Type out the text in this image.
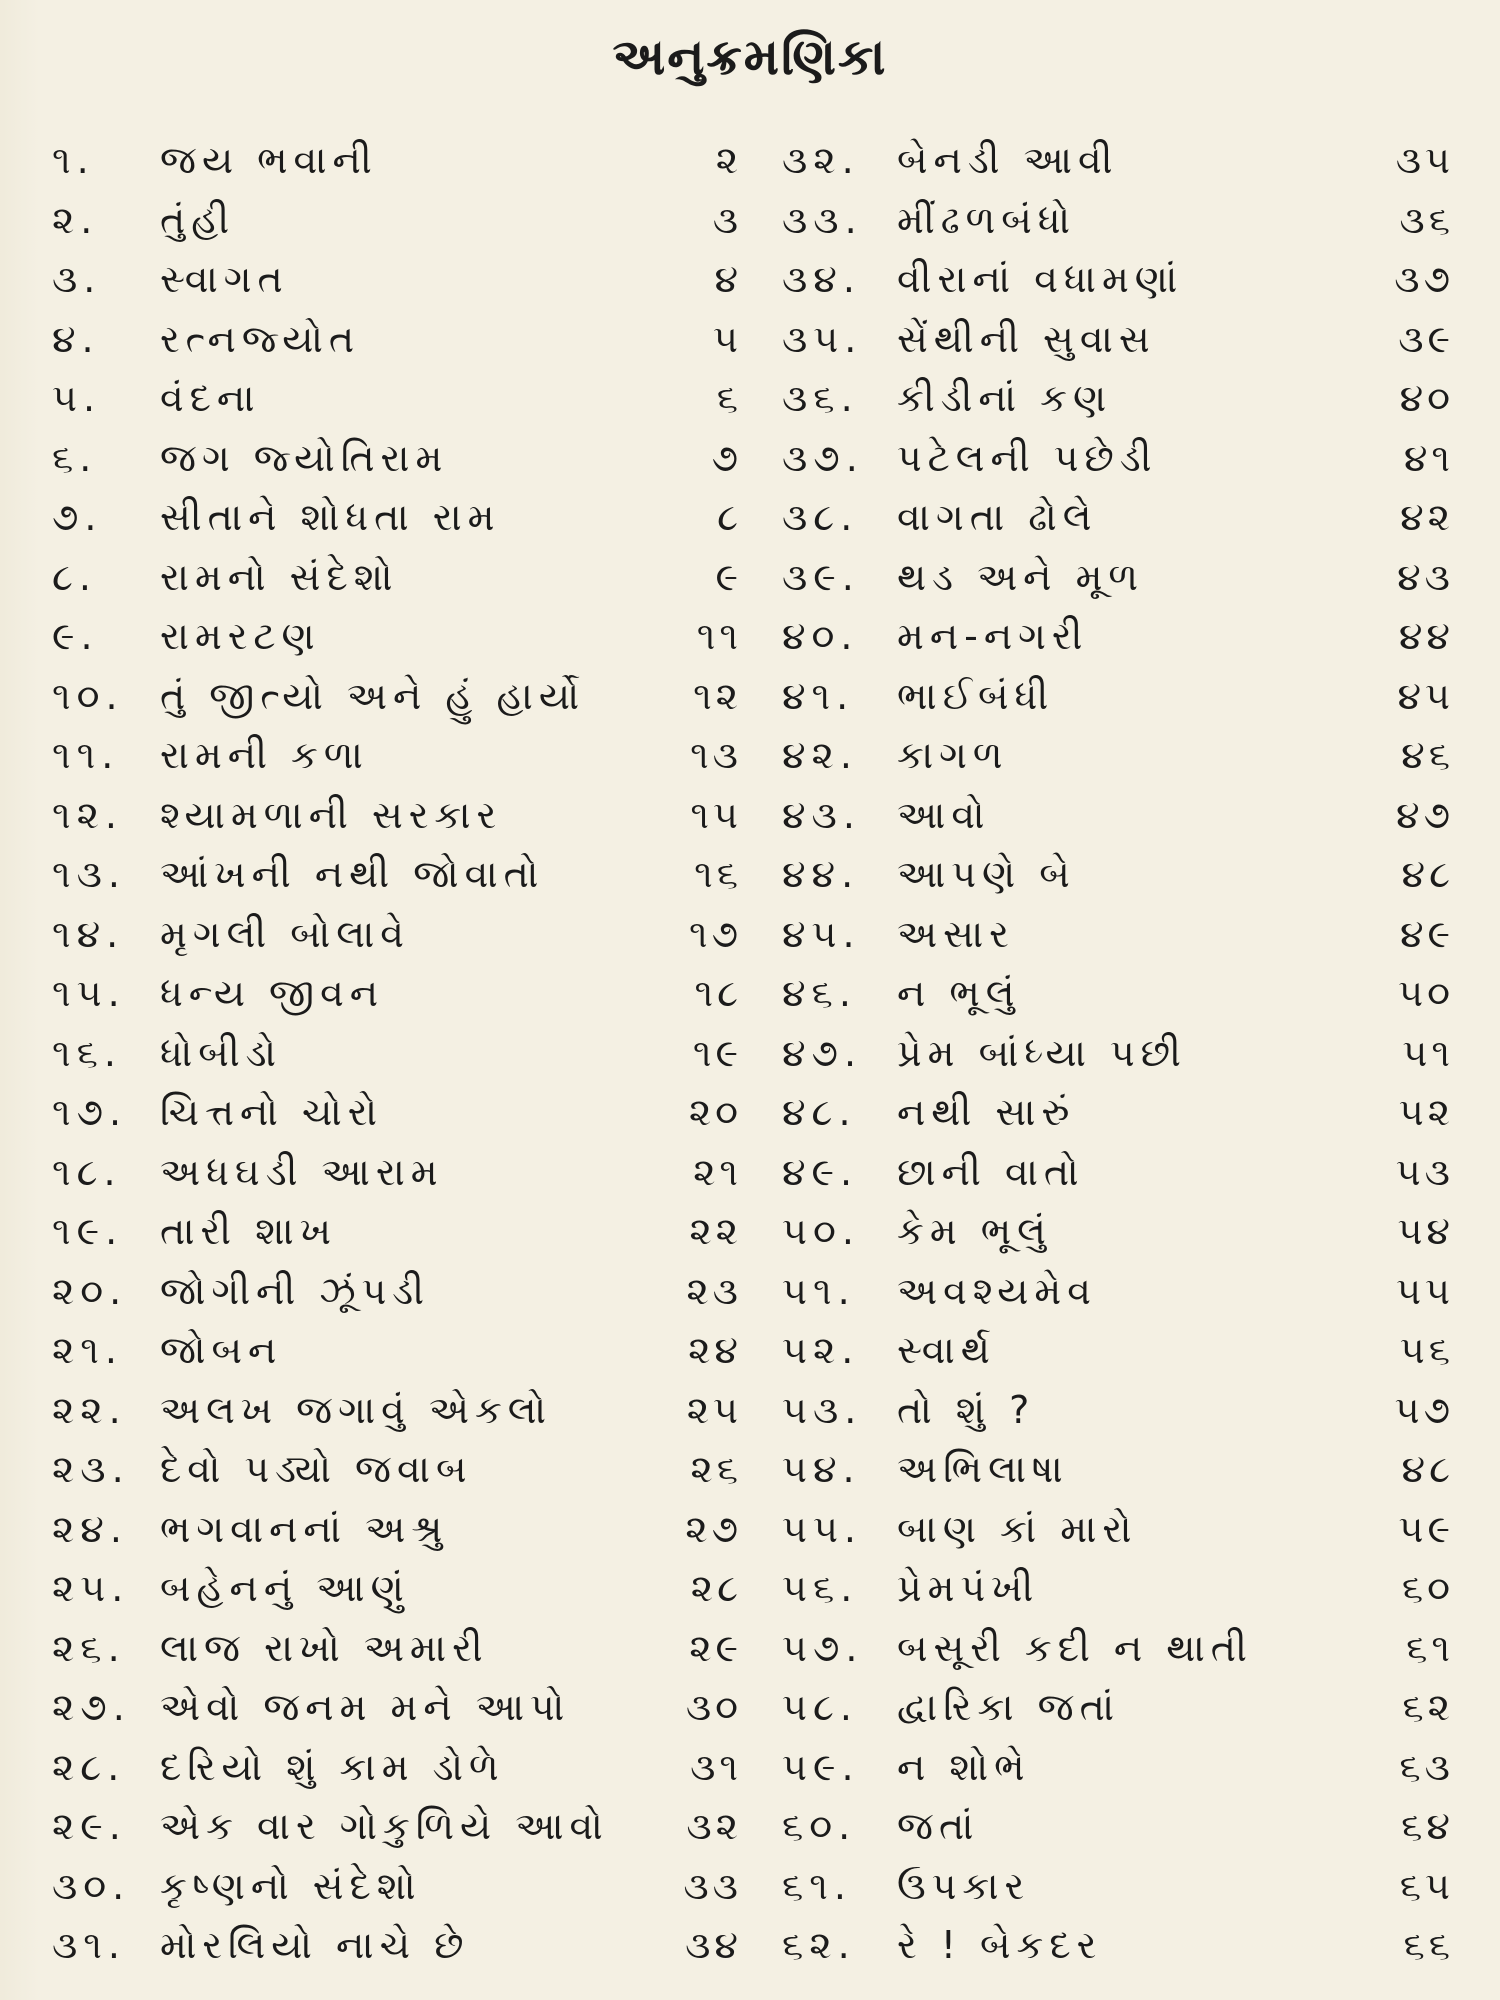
અનુક્રમણિકા
૧. જય ભવાની	૨
૨. તુંહી	૩
૩. સ્વાગત	૪
૪. રત્નજ્યોત	૫
૫. વંદના	૬
૬. જગ જ્યોતિરામ	૭
૭. સીતાને શોધતા રામ	૮
૮. રામનો સંદેશો	૯
૯. રામરટણ	૧૧
૧૦. તું જીત્યો અને હું હાર્યો	૧૨
૧૧. રામની કળા	૧૩
૧૨. શ્યામળાની સરકાર	૧૫
૧૩. આંખની નથી જોવાતો	૧૬
૧૪. મૃગલી બોલાવે	૧૭
૧૫. ધન્ય જીવન	૧૮
૧૬. ધોબીડો	૧૯
૧૭. ચિત્તનો ચોરો	૨૦
૧૮. અધઘડી આરામ	૨૧
૧૯. તારી શાખ	૨૨
૨૦. જોગીની ઝૂંપડી	૨૩
૨૧. જોબન	૨૪
૨૨. અલખ જગાવું એકલો	૨૫
૨૩. દેવો પડ્યો જવાબ	૨૬
૨૪. ભગવાનનાં અશ્રુ	૨૭
૨૫. બહેનનું આણું	૨૮
૨૬. લાજ રાખો અમારી	૨૯
૨૭. એવો જનમ મને આપો	૩૦
૨૮. દરિયો શું કામ ડોળે	૩૧
૨૯. એક વાર ગોકુળિયે આવો ૩૨
૩૦. કૃષ્ણનો સંદેશો	૩૩
૩૧. મોરલિયો નાચે છે	૩૪
૩૨. બેનડી આવી	૩૫
૩૩. મીંઢળબંધો	૩૬
૩૪. વીરાનાં વધામણાં	૩૭
૩૫. સેંથીની સુવાસ	૩૯
૩૬. કીડીનાં કણ	૪૦
૩૭. પટેલની પછેડી	૪૧
૩૮. વાગતા ઢોલે	૪૨
૩૯. થડ અને મૂળ	૪૩
૪૦. મન-નગરી	૪૪
૪૧. ભાઈબંધી	૪૫
૪૨. કાગળ	૪૬
૪૩. આવો	૪૭
૪૪. આપણે બે	૪૮
૪૫. અસાર	૪૯
૪૬. ન ભૂલું	૫૦
૪૭. પ્રેમ બાંધ્યા પછી	૫૧
૪૮. નથી સારું	૫૨
૪૯. છાની વાતો	૫૩
૫૦. કેમ ભૂલું	૫૪
૫૧. અવશ્યમેવ	૫૫
૫૨. સ્વાર્થ	૫૬
૫૩. તો શું ?	૫૭
૫૪. અભિલાષા	૪૮
૫૫. બાણ કાં મારો	૫૯
૫૬. પ્રેમપંખી	૬૦
૫૭. બસૂરી કદી ન થાતી	૬૧
૫૮. દ્વારિકા જતાં	૬૨
૫૯. ન શોભે	૬૩
૬૦. જતાં	૬૪
૬૧. ઉપકાર	૬૫
૬૨. રે ! બેકદર	૬૬
